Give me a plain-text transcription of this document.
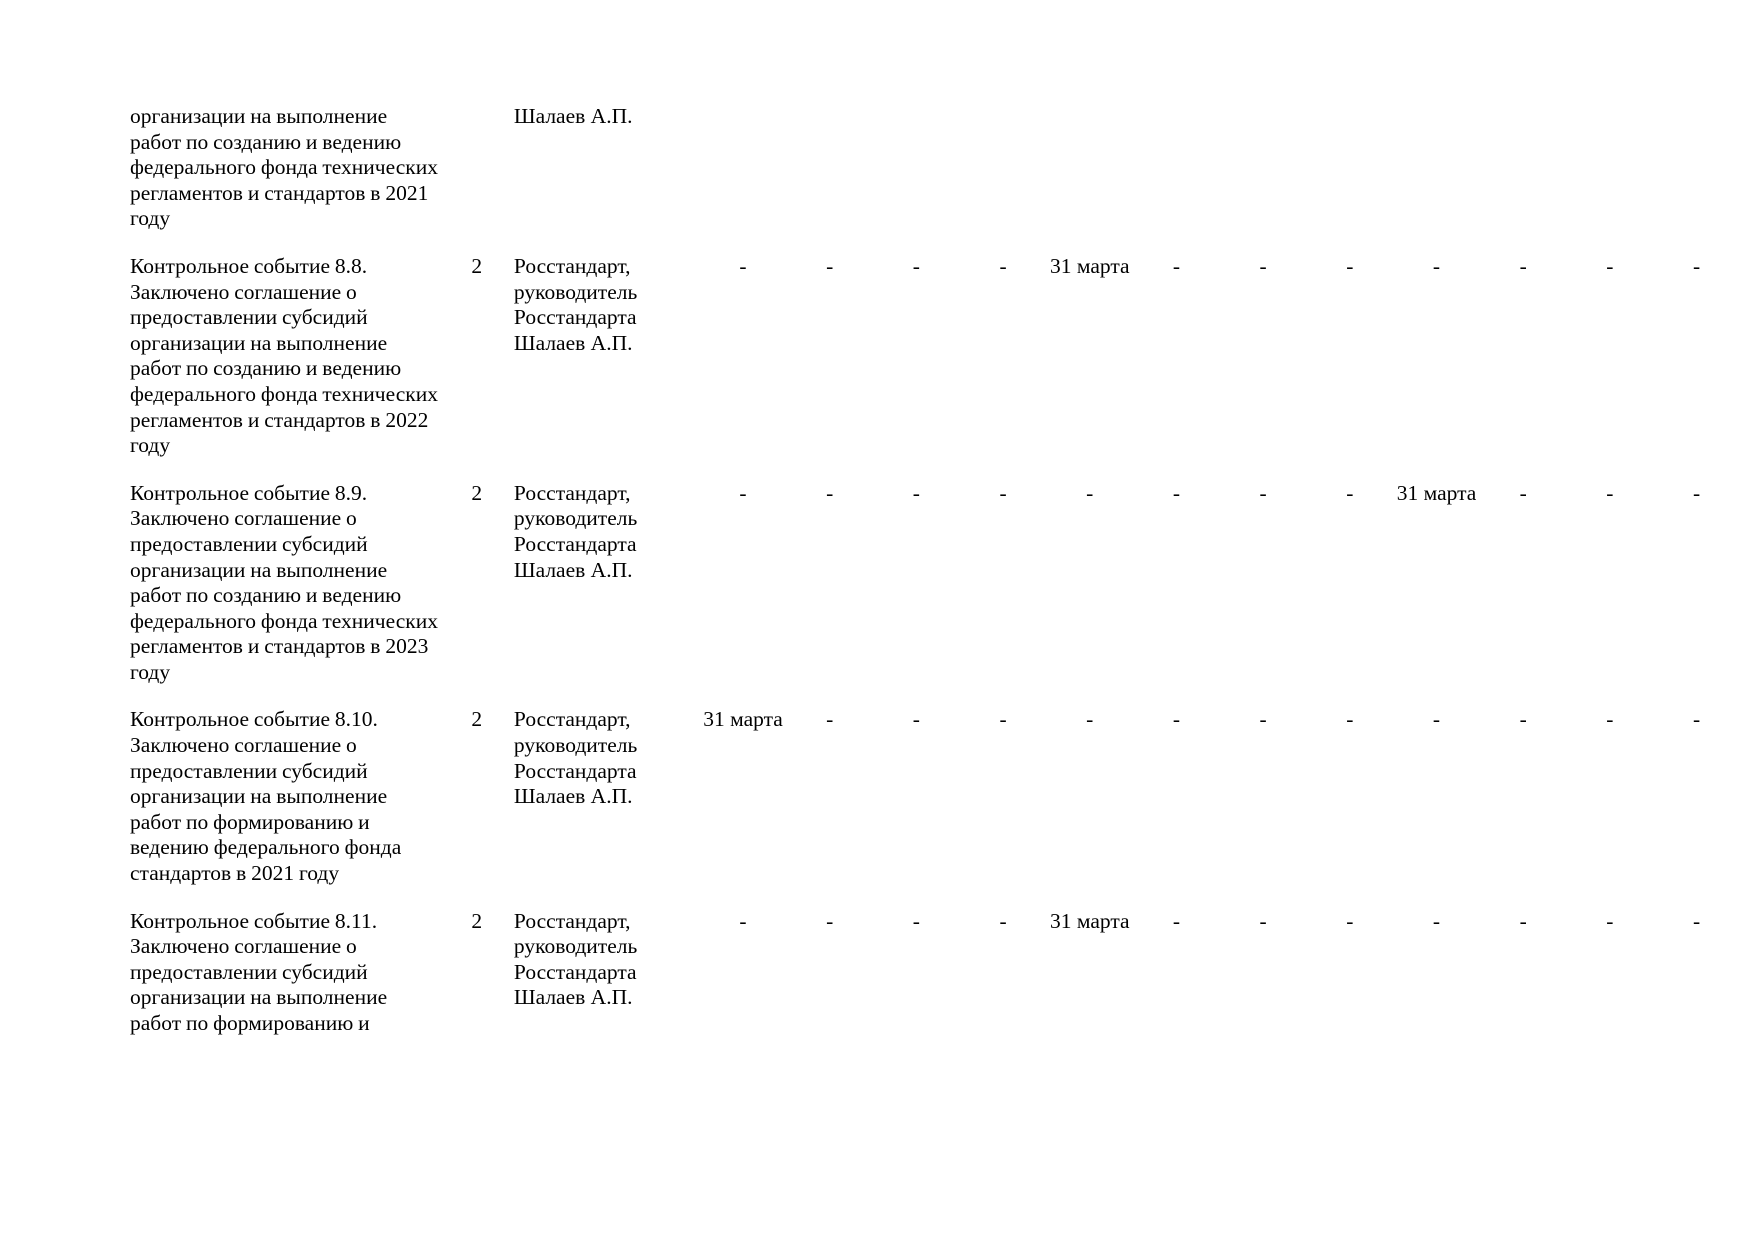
организации на выполнение работ по созданию и ведению федерального фонда технических регламентов и стандартов в 2021 году		Шалаев А.П.	

Контрольное событие 8.8. Заключено соглашение о предоставлении субсидий организации на выполнение работ по созданию и ведению федерального фонда технических регламентов и стандартов в 2022 году	2	Росстандарт, руководитель Росстандарта Шалаев А.П.	-	-	-	-	31 марта	-	-	-	-	-	-	-

Контрольное событие 8.9. Заключено соглашение о предоставлении субсидий организации на выполнение работ по созданию и ведению федерального фонда технических регламентов и стандартов в 2023 году	2	Росстандарт, руководитель Росстандарта Шалаев А.П.	-	-	-	-	-	-	-	-	31 марта	-	-	-

Контрольное событие 8.10. Заключено соглашение о предоставлении субсидий организации на выполнение работ по формированию и ведению федерального фонда стандартов в 2021 году	2	Росстандарт, руководитель Росстандарта Шалаев А.П.	31 марта	-	-	-	-	-	-	-	-	-	-	-

Контрольное событие 8.11. Заключено соглашение о предоставлении субсидий организации на выполнение работ по формированию и	2	Росстандарт, руководитель Росстандарта Шалаев А.П.	-	-	-	-	31 марта	-	-	-	-	-	-	-
